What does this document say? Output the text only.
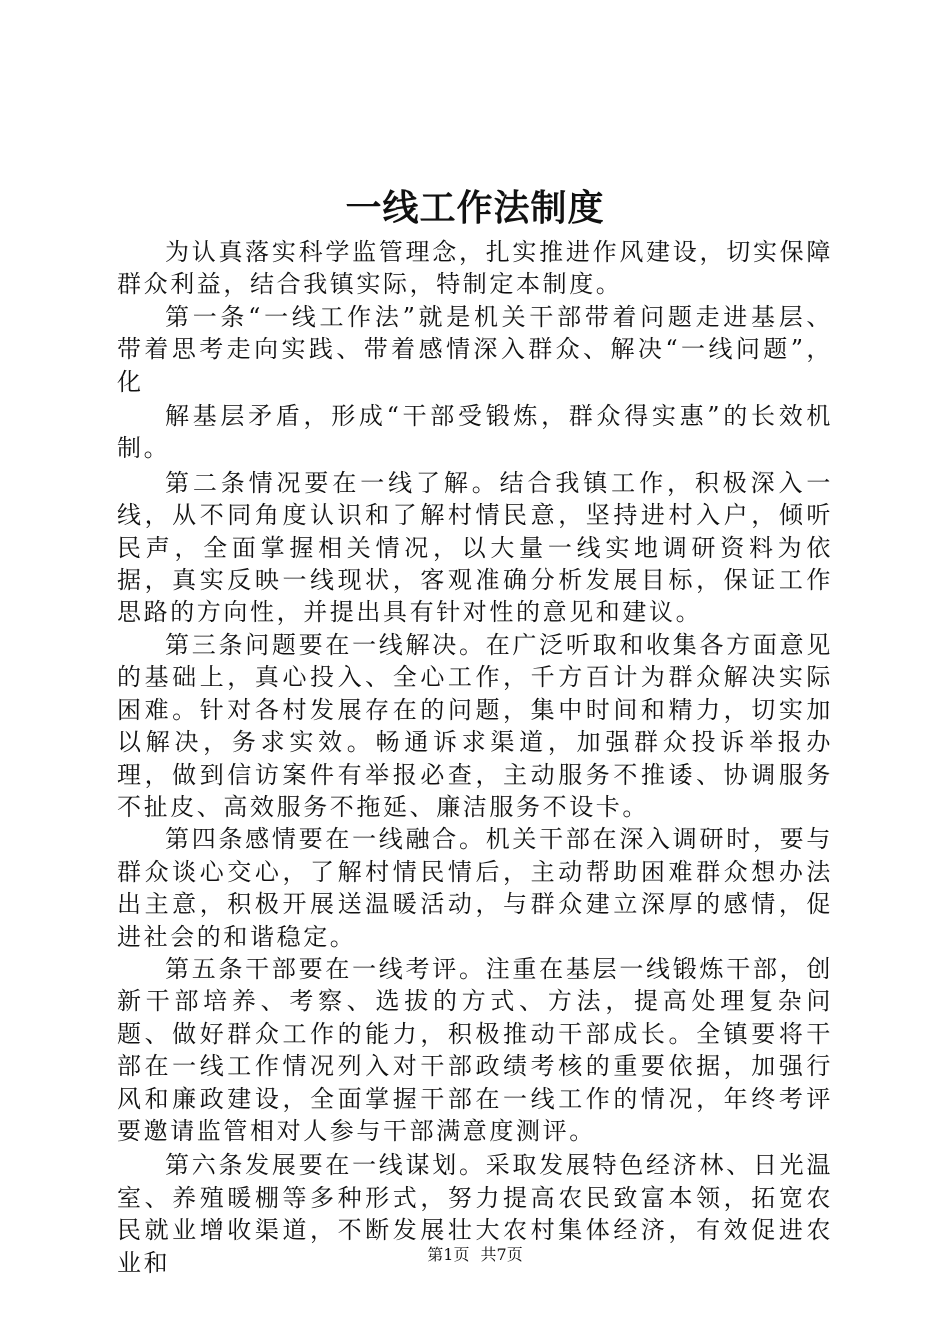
一线工作法制度

为认真落实科学监管理念，扎实推进作风建设，切实保障群众利益，结合我镇实际，特制定本制度。

第一条“一线工作法”就是机关干部带着问题走进基层、带着思考走向实践、带着感情深入群众、解决“一线问题”，化

解基层矛盾，形成“干部受锻炼，群众得实惠”的长效机制。

第二条情况要在一线了解。结合我镇工作，积极深入一线，从不同角度认识和了解村情民意，坚持进村入户，倾听民声，全面掌握相关情况，以大量一线实地调研资料为依据，真实反映一线现状，客观准确分析发展目标，保证工作思路的方向性，并提出具有针对性的意见和建议。

第三条问题要在一线解决。在广泛听取和收集各方面意见的基础上，真心投入、全心工作，千方百计为群众解决实际困难。针对各村发展存在的问题，集中时间和精力，切实加以解决，务求实效。畅通诉求渠道，加强群众投诉举报办理，做到信访案件有举报必查，主动服务不推诿、协调服务不扯皮、高效服务不拖延、廉洁服务不设卡。

第四条感情要在一线融合。机关干部在深入调研时，要与群众谈心交心，了解村情民情后，主动帮助困难群众想办法出主意，积极开展送温暖活动，与群众建立深厚的感情，促进社会的和谐稳定。

第五条干部要在一线考评。注重在基层一线锻炼干部，创新干部培养、考察、选拔的方式、方法，提高处理复杂问题、做好群众工作的能力，积极推动干部成长。全镇要将干部在一线工作情况列入对干部政绩考核的重要依据，加强行风和廉政建设，全面掌握干部在一线工作的情况，年终考评要邀请监管相对人参与干部满意度测评。

第六条发展要在一线谋划。采取发展特色经济林、日光温室、养殖暖棚等多种形式，努力提高农民致富本领，拓宽农民就业增收渠道，不断发展壮大农村集体经济，有效促进农业和	第1页 共7页
